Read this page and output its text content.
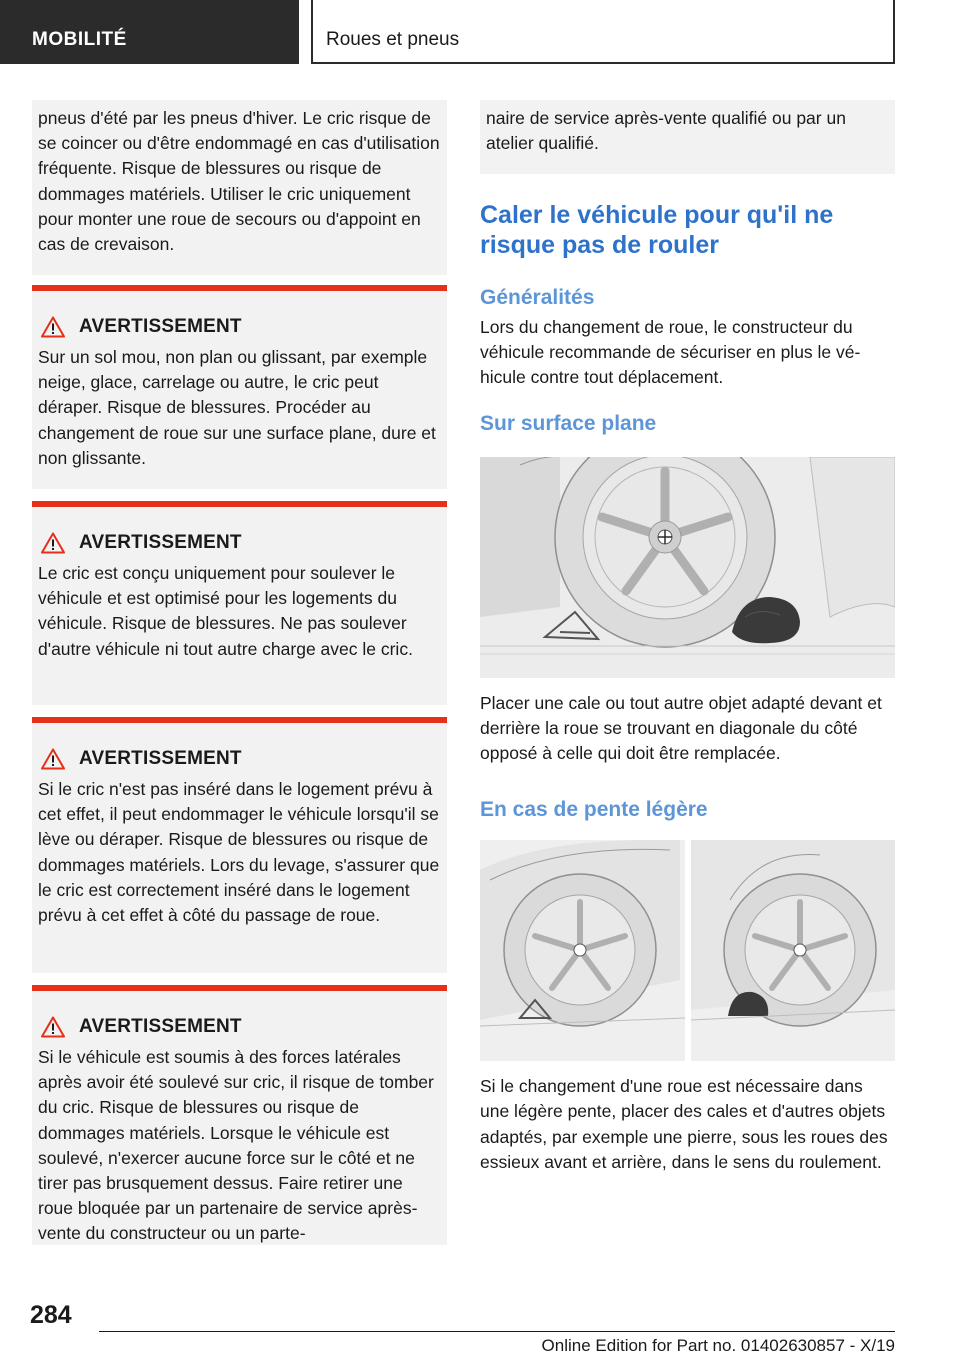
MOBILITÉ	Roues et pneus

pneus d'été par les pneus d'hiver. Le cric risque de se coincer ou d'être endommagé en cas d'utilisation fréquente. Risque de blessures ou risque de dommages matériels. Utiliser le cric uniquement pour monter une roue de secours ou d'appoint en cas de crevaison.

AVERTISSEMENT

Sur un sol mou, non plan ou glissant, par exemple neige, glace, carrelage ou autre, le cric peut déraper. Risque de blessures. Procéder au changement de roue sur une surface plane, dure et non glissante.

AVERTISSEMENT

Le cric est conçu uniquement pour soulever le véhicule et est optimisé pour les logements du véhicule. Risque de blessures. Ne pas soulever d'autre véhicule ni tout autre charge avec le cric.

AVERTISSEMENT

Si le cric n'est pas inséré dans le logement prévu à cet effet, il peut endommager le véhicule lorsqu'il se lève ou déraper. Risque de blessures ou risque de dommages matériels. Lors du levage, s'assurer que le cric est correctement inséré dans le logement prévu à cet effet à côté du passage de roue.

AVERTISSEMENT

Si le véhicule est soumis à des forces latérales après avoir été soulevé sur cric, il risque de tomber du cric. Risque de blessures ou risque de dommages matériels. Lorsque le véhicule est soulevé, n'exercer aucune force sur le côté et ne tirer pas brusquement dessus. Faire retirer une roue bloquée par un partenaire de service après-vente du constructeur ou un parte-

naire de service après-vente qualifié ou par un atelier qualifié.

Caler le véhicule pour qu'il ne risque pas de rouler
Généralités

Lors du changement de roue, le constructeur du véhicule recommande de sécuriser en plus le véhicule contre tout déplacement.

Sur surface plane

Placer une cale ou tout autre objet adapté devant et derrière la roue se trouvant en diagonale du côté opposé à celle qui doit être remplacée.

En cas de pente légère

Si le changement d'une roue est nécessaire dans une légère pente, placer des cales et d'autres objets adaptés, par exemple une pierre, sous les roues des essieux avant et arrière, dans le sens du roulement.

284
Online Edition for Part no. 01402630857 - X/19
